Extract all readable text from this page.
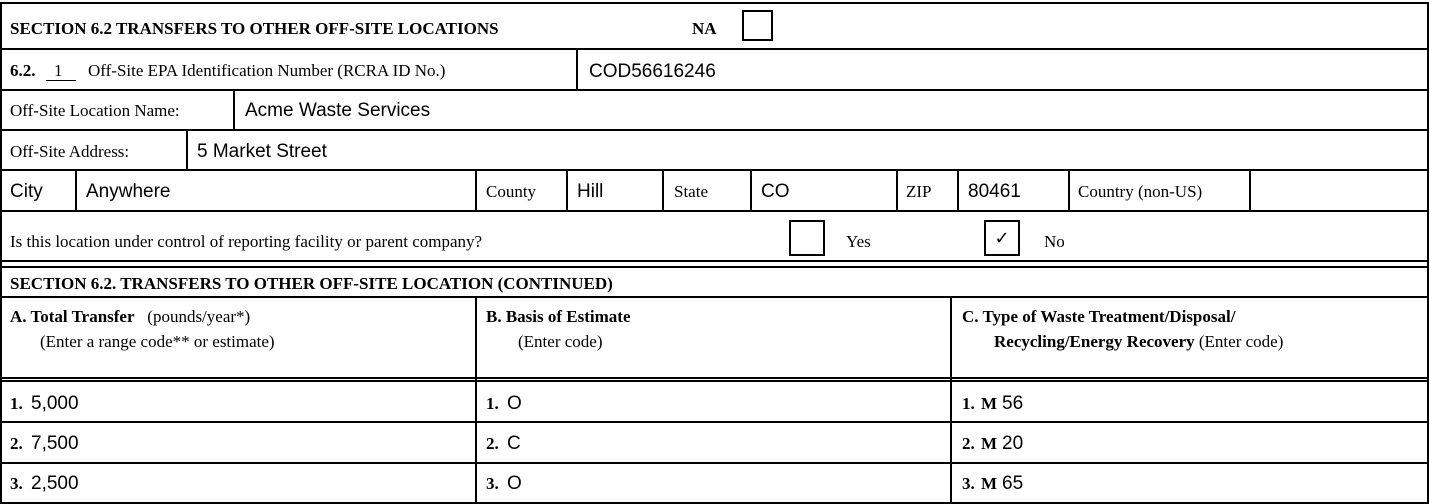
SECTION 6.2 TRANSFERS TO OTHER OFF-SITE LOCATIONS	NA
6.2. 1 Off-Site EPA Identification Number (RCRA ID No.)	COD56616246
Off-Site Location Name:	Acme Waste Services
Off-Site Address:	5 Market Street
City Anywhere	County Hill	State	CO	ZIP 80461	Country (non-US)
Is this location under control of reporting facility or parent company?	Yes	✓ No
SECTION 6.2. TRANSFERS TO OTHER OFF-SITE LOCATION (CONTINUED)
A. Total Transfer (pounds/year*)
(Enter a range code** or estimate)
B. Basis of Estimate
(Enter code)
C. Type of Waste Treatment/Disposal/
Recycling/Energy Recovery (Enter code)
1. 5,000	1. O	1. M 56
2. 7,500	2. C	2. M 20
3. 2,500	3. O	3. M 65
